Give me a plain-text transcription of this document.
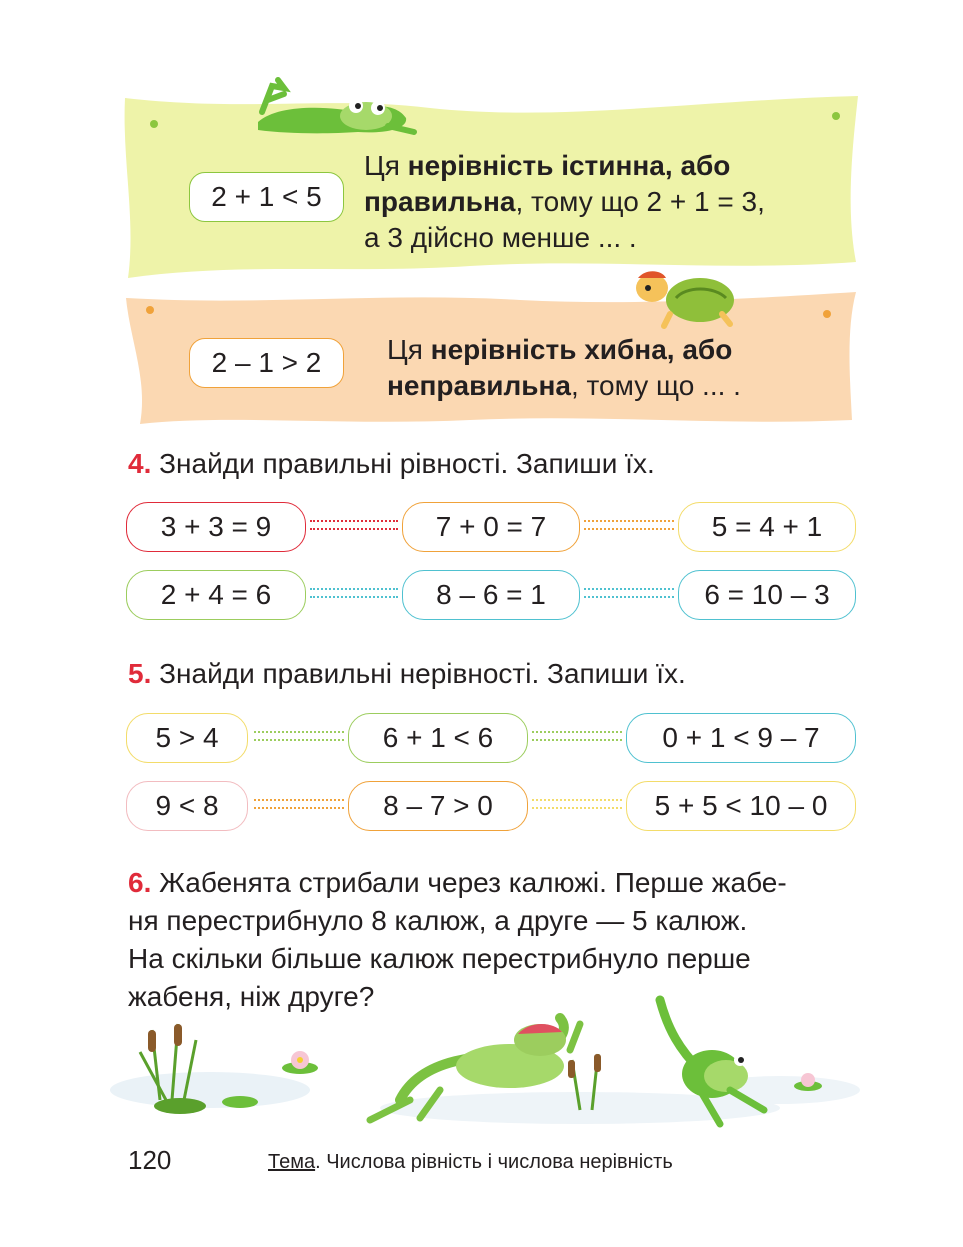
2 + 1 < 5
Ця нерівність істинна, або
правильна, тому що 2 + 1 = 3,
а 3 дійсно менше ... .
2 – 1 > 2	Ця нерівність хибна, або
неправильна, тому що ... .
4. Знайди правильні рівності. Запиши їх.
3 + 3 = 9	7 + 0 = 7	5 = 4 + 1
2 + 4 = 6	8 – 6 = 1	6 = 10 – 3
5. Знайди правильні нерівності. Запиши їх.
5 > 4	6 + 1 < 6	0 + 1 < 9 – 7
9 < 8	8 – 7 > 0	5 + 5 < 10 – 0
6. Жабенята стрибали через калюжі. Перше жабе-
ня перестрибнуло 8 калюж, а друге — 5 калюж.
На скільки більше калюж перестрибнуло перше
жабеня, ніж друге?
120	Тема. Числова рівність і числова нерівність
